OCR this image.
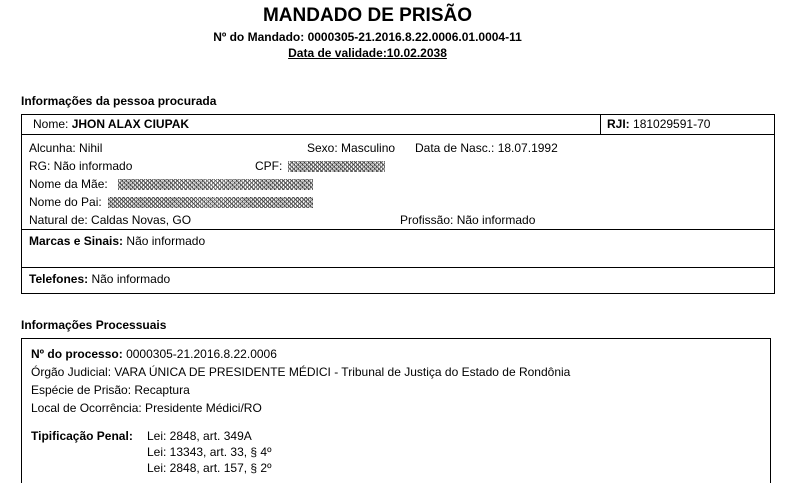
MANDADO DE PRISÃO
Nº do Mandado: 0000305-21.2016.8.22.0006.01.0004-11
Data de validade:10.02.2038
Informações da pessoa procurada
Nome: JHON ALAX CIUPAK	RJI: 181029591-70
Alcunha: Nihil	Sexo: Masculino Data de Nasc.: 18.07.1992
RG: Não informado	CPF:
Nome da Mãe:
Nome do Pai:
Natural de: Caldas Novas, GO	Profissão: Não informado
Marcas e Sinais: Não informado
Telefones: Não informado
Informações Processuais
Nº do processo: 0000305-21.2016.8.22.0006
Órgão Judicial: VARA ÚNICA DE PRESIDENTE MÉDICI - Tribunal de Justiça do Estado de Rondônia
Espécie de Prisão: Recaptura
Local de Ocorrência: Presidente Médici/RO
Tipificação Penal: Lei: 2848, art. 349A
Lei: 13343, art. 33, § 4º
Lei: 2848, art. 157, § 2º
